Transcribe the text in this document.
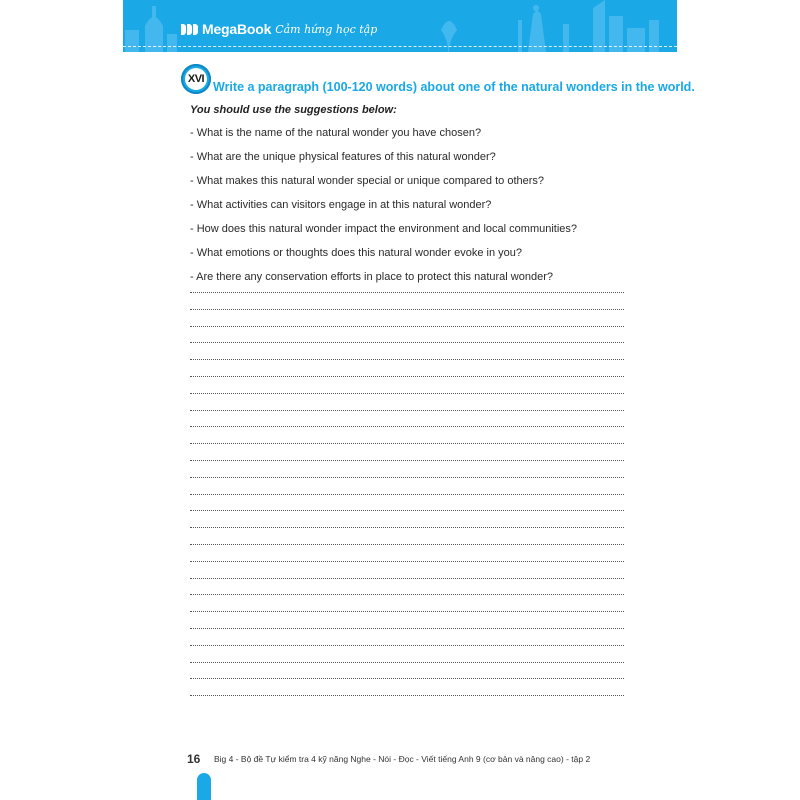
MegaBook Cảm hứng học tập
XVI
Write a paragraph (100-120 words) about one of the natural wonders in the world.
You should use the suggestions below:
- What is the name of the natural wonder you have chosen?
- What are the unique physical features of this natural wonder?
- What makes this natural wonder special or unique compared to others?
- What activities can visitors engage in at this natural wonder?
- How does this natural wonder impact the environment and local communities?
- What emotions or thoughts does this natural wonder evoke in you?
- Are there any conservation efforts in place to protect this natural wonder?
16 Big 4 - Bộ đề Tự kiểm tra 4 kỹ năng Nghe - Nói - Đọc - Viết tiếng Anh 9 (cơ bản và nâng cao) - tập 2
